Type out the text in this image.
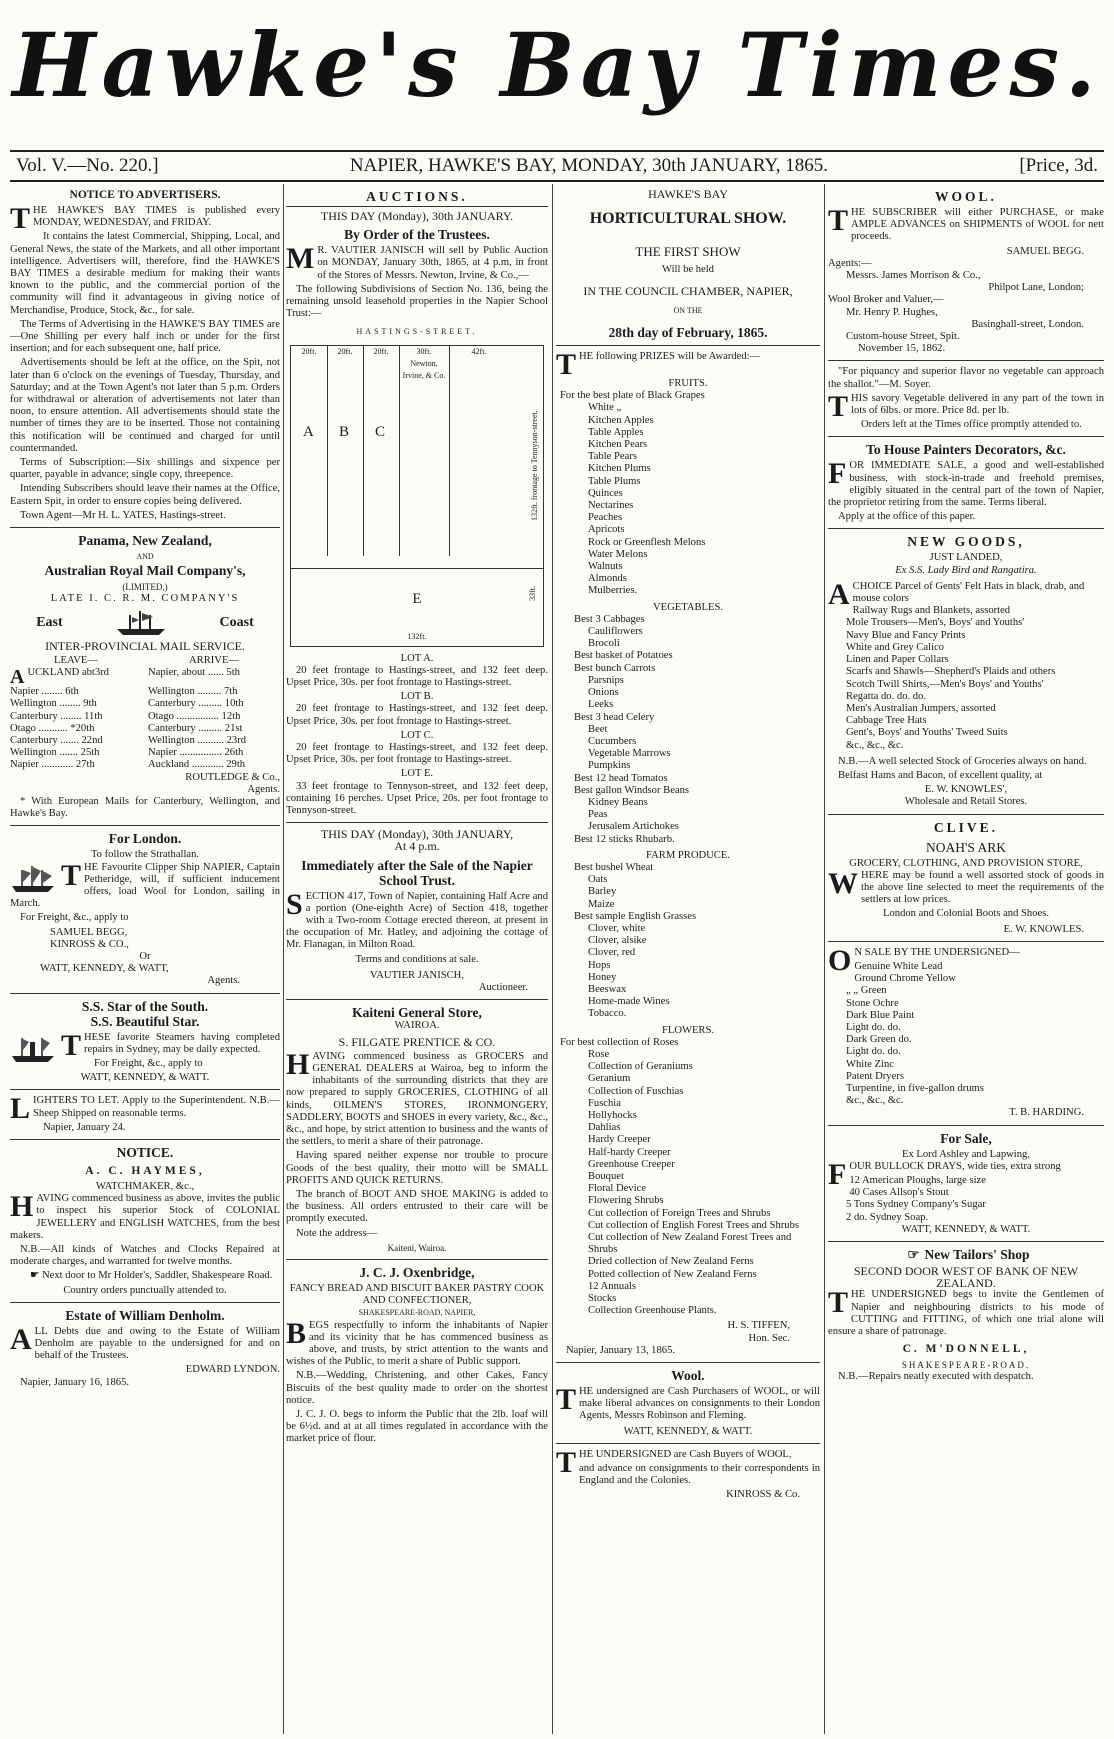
Hawke's Bay Times.
Vol. V.—No. 220.]	NAPIER, HAWKE'S BAY, MONDAY, 30th JANUARY, 1865.	[Price, 3d.
NOTICE TO ADVERTISERS.

THE HAWKE'S BAY TIMES is published every MONDAY, WEDNESDAY, and FRIDAY.

It contains the latest Commercial, Shipping, Local, and General News, the state of the Markets, and all other important intelligence. Advertisers will, therefore, find the HAWKE'S BAY TIMES a desirable medium for making their wants known to the public, and the commercial portion of the community will find it advantageous in giving notice of Merchandise, Produce, Stock, &c., for sale.

The Terms of Advertising in the HAWKE'S BAY TIMES are—One Shilling per every half inch or under for the first insertion; and for each subsequent one, half price.

Advertisements should be left at the office, on the Spit, not later than 6 o'clock on the evenings of Tuesday, Thursday, and Saturday; and at the Town Agent's not later than 5 p.m. Orders for withdrawal or alteration of advertisements not later than noon, to ensure attention. All advertisements should state the number of times they are to be inserted. Those not containing this notification will be continued and charged for until countermanded.

Terms of Subscription:—Six shillings and sixpence per quarter, payable in advance; single copy, threepence.

Intending Subscribers should leave their names at the Office, Eastern Spit, in order to ensure copies being delivered.

Town Agent—Mr H. L. YATES, Hastings-street.

Panama, New Zealand,
AND
Australian Royal Mail Company's,
(LIMITED,)
LATE I. C. R. M. COMPANY'S
East	Coast
INTER-PROVINCIAL MAIL SERVICE.
LEAVE—	ARRIVE—
AUCKLAND abt3rd	Napier, about ...... 5th
Napier ........ 6th	Wellington ......... 7th
Wellington ........ 9th	Canterbury ......... 10th
Canterbury ........ 11th	Otago ................ 12th
Otago ........... *20th	Canterbury ......... 21st
Canterbury ....... 22nd	Wellington .......... 23rd
Wellington ....... 25th	Napier ................ 26th
Napier ............ 27th	Auckland ............ 29th
ROUTLEDGE & Co.,
Agents.

* With European Mails for Canterbury, Wellington, and Hawke's Bay.

For London.
To follow the Strathallan.

THE Favourite Clipper Ship NAPIER, Captain Petheridge, will, if sufficient inducement offers, load Wool for London, sailing in March.

For Freight, &c., apply to

SAMUEL BEGG,
KINROSS & CO.,
Or
WATT, KENNEDY, & WATT,
Agents.
S.S. Star of the South.
S.S. Beautiful Star.

THESE favorite Steamers having completed repairs in Sydney, may be daily expected.

For Freight, &c., apply to

WATT, KENNEDY, & WATT.

LIGHTERS TO LET. Apply to the Superintendent. N.B.—Sheep Shipped on reasonable terms.

Napier, January 24.

NOTICE.
A. C. HAYMES,
WATCHMAKER, &c.,

HAVING commenced business as above, invites the public to inspect his superior Stock of COLONIAL JEWELLERY and ENGLISH WATCHES, from the best makers.

N.B.—All kinds of Watches and Clocks Repaired at moderate charges, and warranted for twelve months.

☛ Next door to Mr Holder's, Saddler, Shakespeare Road.

Country orders punctually attended to.
Estate of William Denholm.

ALL Debts due and owing to the Estate of William Denholm are payable to the undersigned for and on behalf of the Trustees.

EDWARD LYNDON.

Napier, January 16, 1865.

AUCTIONS.
THIS DAY (Monday), 30th JANUARY.
By Order of the Trustees.

M R. VAUTIER JANISCH will sell by Public Auction on MONDAY, January 30th, 1865, at 4 p.m, in front of the Stores of Messrs. Newton, Irvine, & Co.,—

The following Subdivisions of Section No. 136, being the remaining unsold leasehold properties in the Napier School Trust:—

HASTINGS-STREET.
20ft.
A
20ft.
B
20ft.
C
30ft.
Newton, Irvine, & Co.
42ft.
132ft. frontage to Tennyson-street.
E
132ft.
33ft.
LOT A.

20 feet frontage to Hastings-street, and 132 feet deep. Upset Price, 30s. per foot frontage to Hastings-street.

LOT B.

20 feet frontage to Hastings-street, and 132 feet deep. Upset Price, 30s. per foot frontage to Hastings-street.

LOT C.

20 feet frontage to Hastings-street, and 132 feet deep. Upset Price, 30s. per foot frontage to Hastings-street.

LOT E.

33 feet frontage to Tennyson-street, and 132 feet deep, containing 16 perches. Upset Price, 20s. per foot frontage to Tennyson-street.

THIS DAY (Monday), 30th JANUARY,
At 4 p.m.
Immediately after the Sale of the Napier School Trust.

SECTION 417, Town of Napier, containing Half Acre and a portion (One-eighth Acre) of Section 418, together with a Two-room Cottage erected thereon, at present in the occupation of Mr. Hatley, and adjoining the cottage of Mr. Flanagan, in Milton Road.

Terms and conditions at sale.
VAUTIER JANISCH,
Auctioneer.
Kaiteni General Store,
WAIROA.
S. FILGATE PRENTICE & CO.

HAVING commenced business as GROCERS and GENERAL DEALERS at Wairoa, beg to inform the inhabitants of the surrounding districts that they are now prepared to supply GROCERIES, CLOTHING of all kinds, OILMEN'S STORES, IRONMONGERY, SADDLERY, BOOTS and SHOES in every variety, &c., &c., &c., and hope, by strict attention to business and the wants of the settlers, to merit a share of their patronage.

Having spared neither expense nor trouble to procure Goods of the best quality, their motto will be SMALL PROFITS AND QUICK RETURNS.

The branch of BOOT AND SHOE MAKING is added to the business. All orders entrusted to their care will be promptly executed.

Note the address—

Kaiteni, Wairoa.
J. C. J. Oxenbridge,
FANCY BREAD AND BISCUIT BAKER PASTRY COOK AND CONFECTIONER,
SHAKESPEARE-ROAD, NAPIER,

BEGS respectfully to inform the inhabitants of Napier and its vicinity that he has commenced business as above, and trusts, by strict attention to the wants and wishes of the Public, to merit a share of Public support.

N.B.—Wedding, Christening, and other Cakes, Fancy Biscuits of the best quality made to order on the shortest notice.

J. C. J. O. begs to inform the Public that the 2lb. loaf will be 6½d. and at at all times regulated in accordance with the market price of flour.

HAWKE'S BAY
HORTICULTURAL SHOW.
THE FIRST SHOW
Will be held
IN THE COUNCIL CHAMBER, NAPIER,
ON THE
28th day of February, 1865.

THE following PRIZES will be Awarded:—

FRUITS.
For the best plate of Black Grapes
White „
Kitchen Apples
Table Apples
Kitchen Pears
Table Pears
Kitchen Plums
Table Plums
Quinces
Nectarines
Peaches
Apricots
Rock or Greenflesh Melons
Water Melons
Walnuts
Almonds
Mulberries.
VEGETABLES.
Best 3 Cabbages
Cauliflowers
Brocoli
Best basket of Potatoes
Best bunch Carrots
Parsnips
Onions
Leeks
Best 3 head Celery
Beet
Cucumbers
Vegetable Marrows
Pumpkins
Best 12 head Tomatos
Best gallon Windsor Beans
Kidney Beans
Peas
Jerusalem Artichokes
Best 12 sticks Rhubarb.
FARM PRODUCE.
Best bushel Wheat
Oats
Barley
Maize
Best sample English Grasses
Clover, white
Clover, alsike
Clover, red
Hops
Honey
Beeswax
Home-made Wines
Tobacco.
FLOWERS.
For best collection of Roses
Rose
Collection of Geraniums
Geranium
Collection of Fuschias
Fuschia
Hollyhocks
Dahlias
Hardy Creeper
Half-hardy Creeper
Greenhouse Creeper
Bouquet
Floral Device
Flowering Shrubs
Cut collection of Foreign Trees and Shrubs
Cut collection of English Forest Trees and Shrubs
Cut collection of New Zealand Forest Trees and Shrubs
Dried collection of New Zealand Ferns
Potted collection of New Zealand Ferns
12 Annuals
Stocks
Collection Greenhouse Plants.
H. S. TIFFEN,
Hon. Sec.

Napier, January 13, 1865.

Wool.

THE undersigned are Cash Purchasers of WOOL, or will make liberal advances on consignments to their London Agents, Messrs Robinson and Fleming.

WATT, KENNEDY, & WATT.

THE UNDERSIGNED are Cash Buyers of WOOL,

and advance on consignments to their correspondents in England and the Colonies.

KINROSS & Co.
WOOL.

THE SUBSCRIBER will either PURCHASE, or make AMPLE ADVANCES on SHIPMENTS of WOOL for nett proceeds.

SAMUEL BEGG.
Agents:—
Messrs. James Morrison & Co.,
Philpot Lane, London;
Wool Broker and Valuer,—
Mr. Henry P. Hughes,
Basinghall-street, London.
Custom-house Street, Spit.
November 15, 1862.

"For piquancy and superior flavor no vegetable can approach the shallot."—M. Soyer.

THIS savory Vegetable delivered in any part of the town in lots of 6lbs. or more. Price 8d. per lb.

Orders left at the Times office promptly attended to.

To House Painters Decorators, &c.

FOR IMMEDIATE SALE, a good and well-established business, with stock-in-trade and freehold premises, eligibly situated in the central part of the town of Napier, the proprietor retiring from the same. Terms liberal.

Apply at the office of this paper.

NEW GOODS,
JUST LANDED,
Ex S.S. Lady Bird and Rangatira.
ACHOICE Parcel of Gents' Felt Hats in black, drab, and mouse colors
Railway Rugs and Blankets, assorted
Mole Trousers—Men's, Boys' and Youths'
Navy Blue and Fancy Prints
White and Grey Calico
Linen and Paper Collars
Scarfs and Shawls—Shepherd's Plaids and others
Scotch Twill Shirts,—Men's Boys' and Youths'
Regatta do. do. do.
Men's Australian Jumpers, assorted
Cabbage Tree Hats
Gent's, Boys' and Youths' Tweed Suits
&c., &c., &c.

N.B.—A well selected Stock of Groceries always on hand.

Belfast Hams and Bacon, of excellent quality, at

E. W. KNOWLES',
Wholesale and Retail Stores.
CLIVE.
NOAH'S ARK
GROCERY, CLOTHING, AND PROVISION STORE,

WHERE may be found a well assorted stock of goods in the above line selected to meet the requirements of the settlers at low prices.

London and Colonial Boots and Shoes.
E. W. KNOWLES.

O N SALE BY THE UNDERSIGNED—

Genuine White Lead
Ground Chrome Yellow
„ „ Green
Stone Ochre
Dark Blue Paint
Light do. do.
Dark Green do.
Light do. do.
White Zinc
Patent Dryers
Turpentine, in five-gallon drums
&c., &c., &c.
T. B. HARDING.
For Sale,
Ex Lord Ashley and Lapwing,

FOUR BULLOCK DRAYS, wide ties, extra strong

12 American Ploughs, large size
40 Cases Allsop's Stout
5 Tons Sydney Company's Sugar
2 do. Sydney Soap.
WATT, KENNEDY, & WATT.
☞ New Tailors' Shop
SECOND DOOR WEST OF BANK OF NEW ZEALAND.

THE UNDERSIGNED begs to invite the Gentlemen of Napier and neighbouring districts to his mode of CUTTING and FITTING, of which one trial alone will ensure a share of patronage.

C. M'DONNELL,
SHAKESPEARE-ROAD.

N.B.—Repairs neatly executed with despatch.
